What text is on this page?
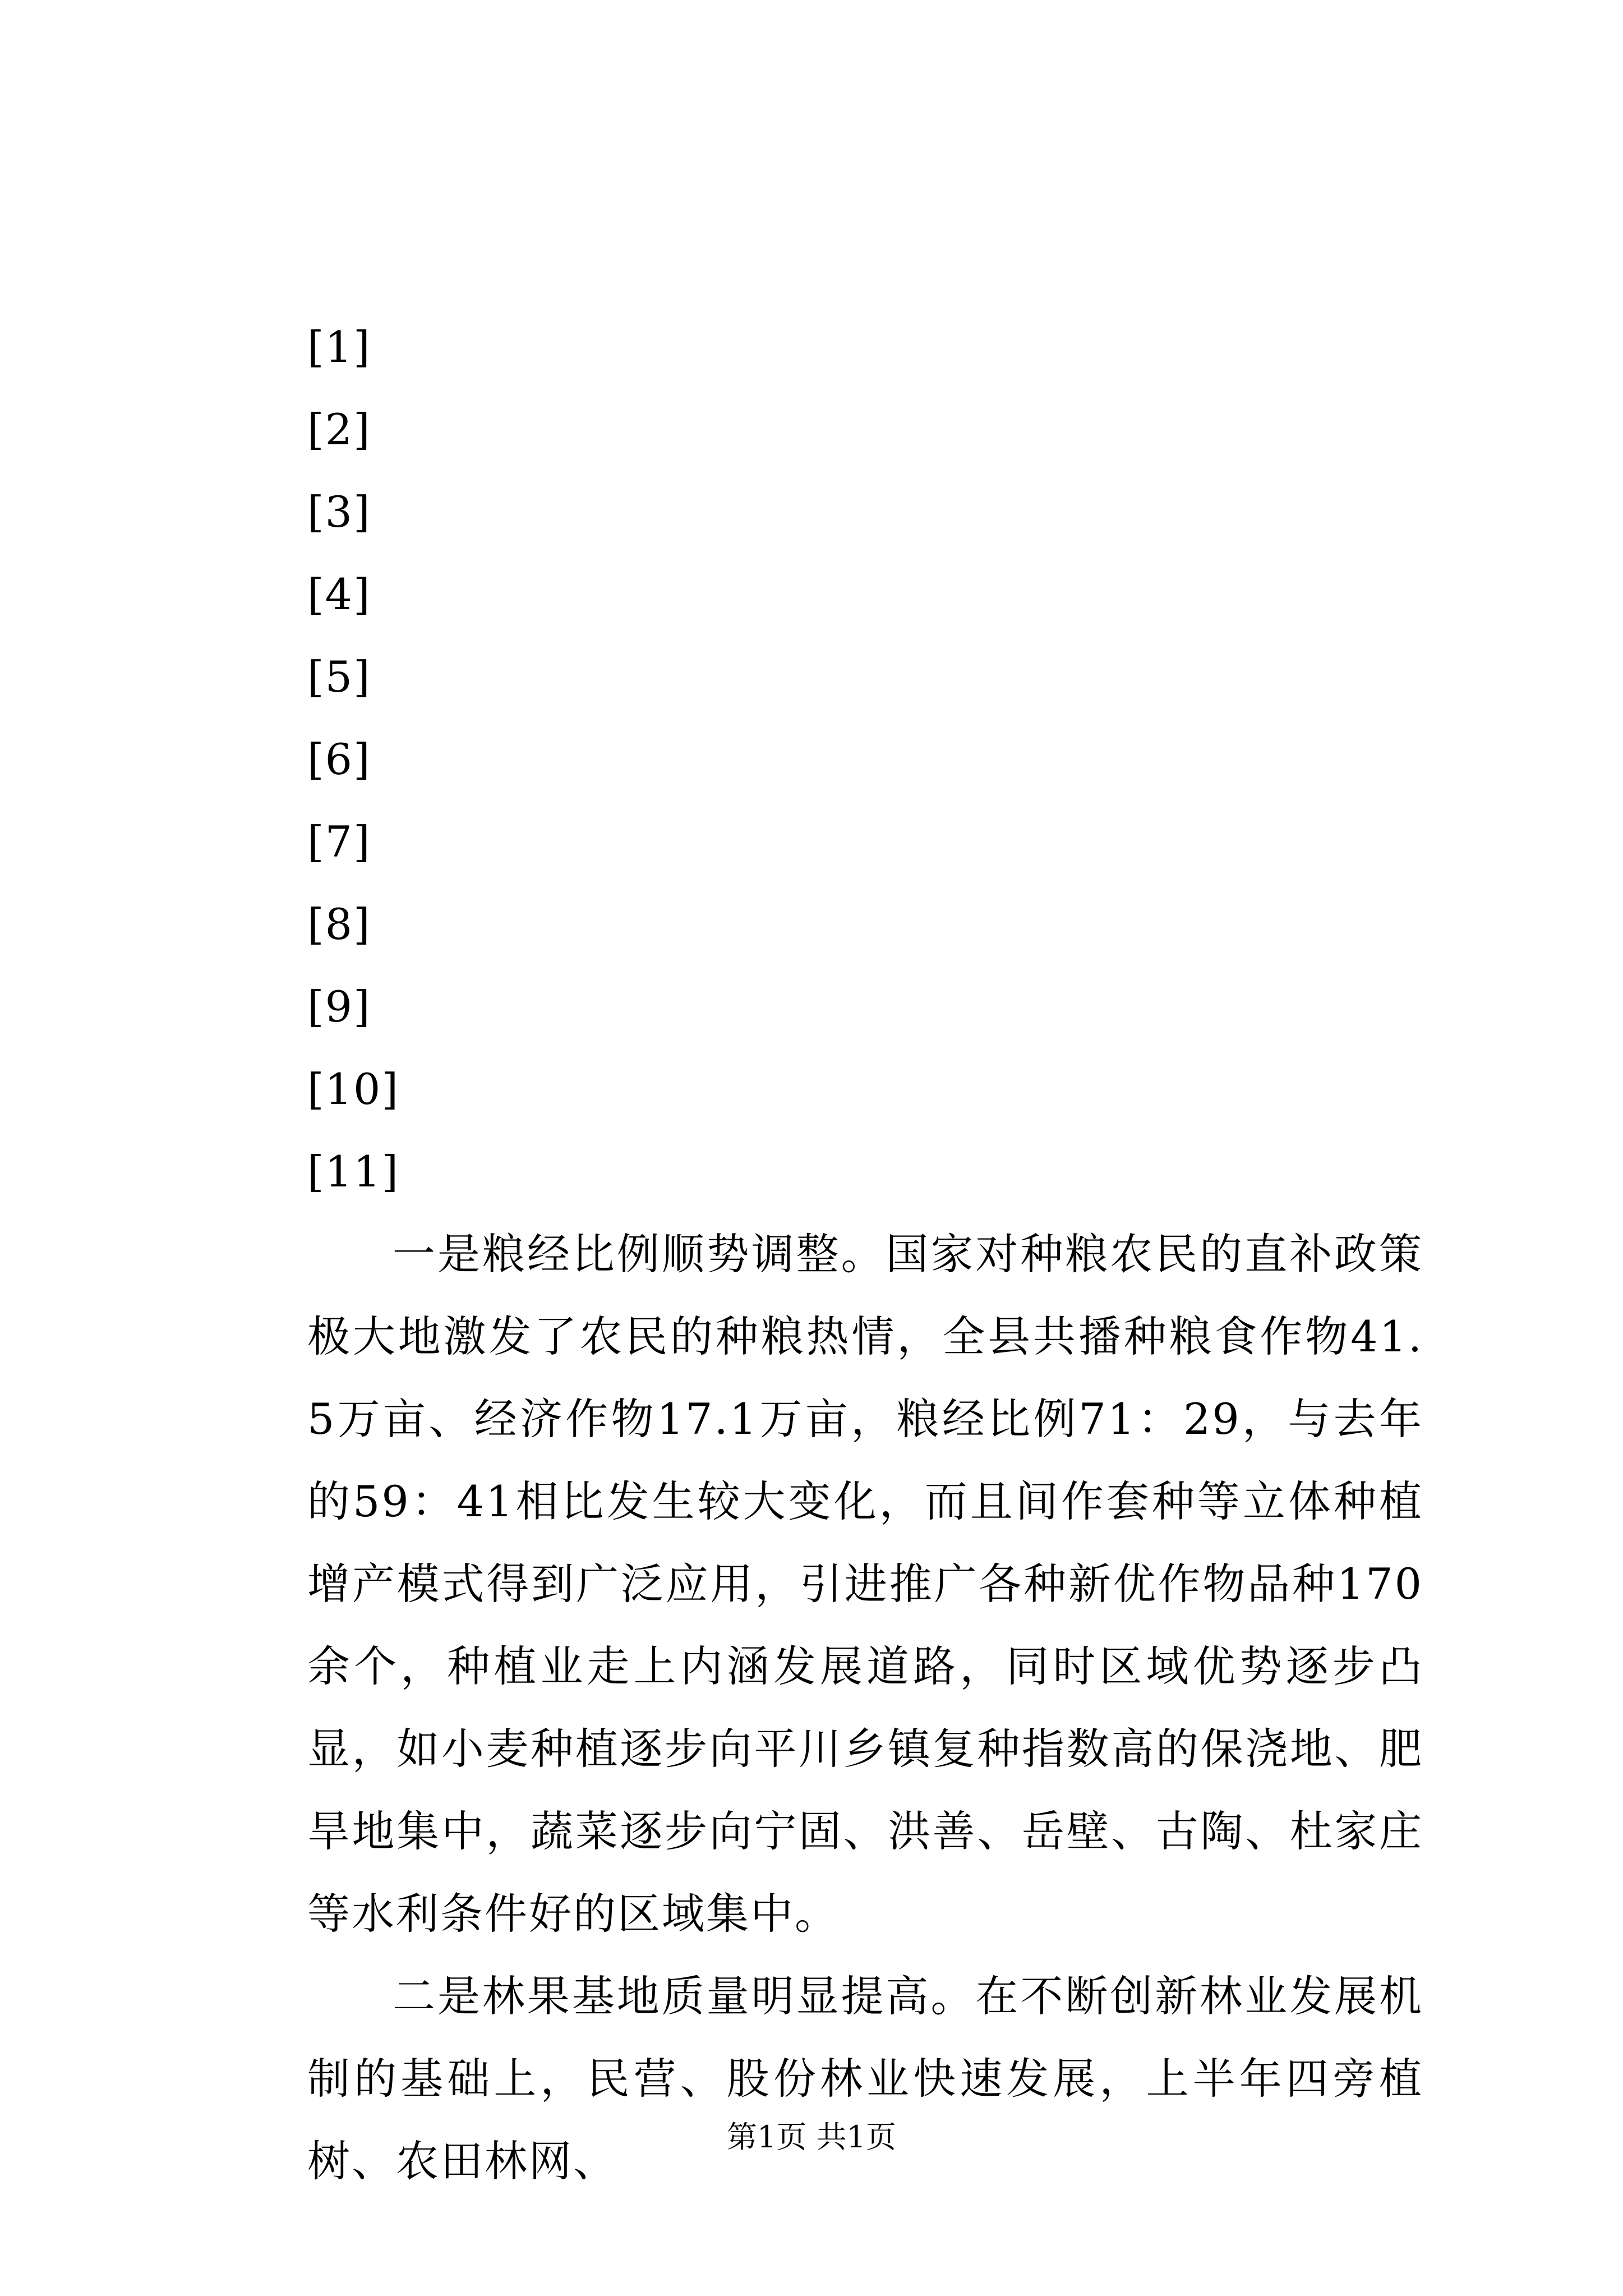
[1]
[2]
[3]
[4]
[5]
[6]
[7]
[8]
[9]
[10]
[11]

一是粮经比例顺势调整。国家对种粮农民的直补政策极大地激发了农民的种粮热情，全县共播种粮食作物41.5万亩、经济作物17.1万亩，粮经比例71：29，与去年的59：41相比发生较大变化，而且间作套种等立体种植增产模式得到广泛应用，引进推广各种新优作物品种170余个，种植业走上内涵发展道路，同时区域优势逐步凸显，如小麦种植逐步向平川乡镇复种指数高的保浇地、肥旱地集中，蔬菜逐步向宁固、洪善、岳壁、古陶、杜家庄等水利条件好的区域集中。

二是林果基地质量明显提高。在不断创新林业发展机制的基础上，民营、股份林业快速发展，上半年四旁植树、农田林网、	第1页 共1页
